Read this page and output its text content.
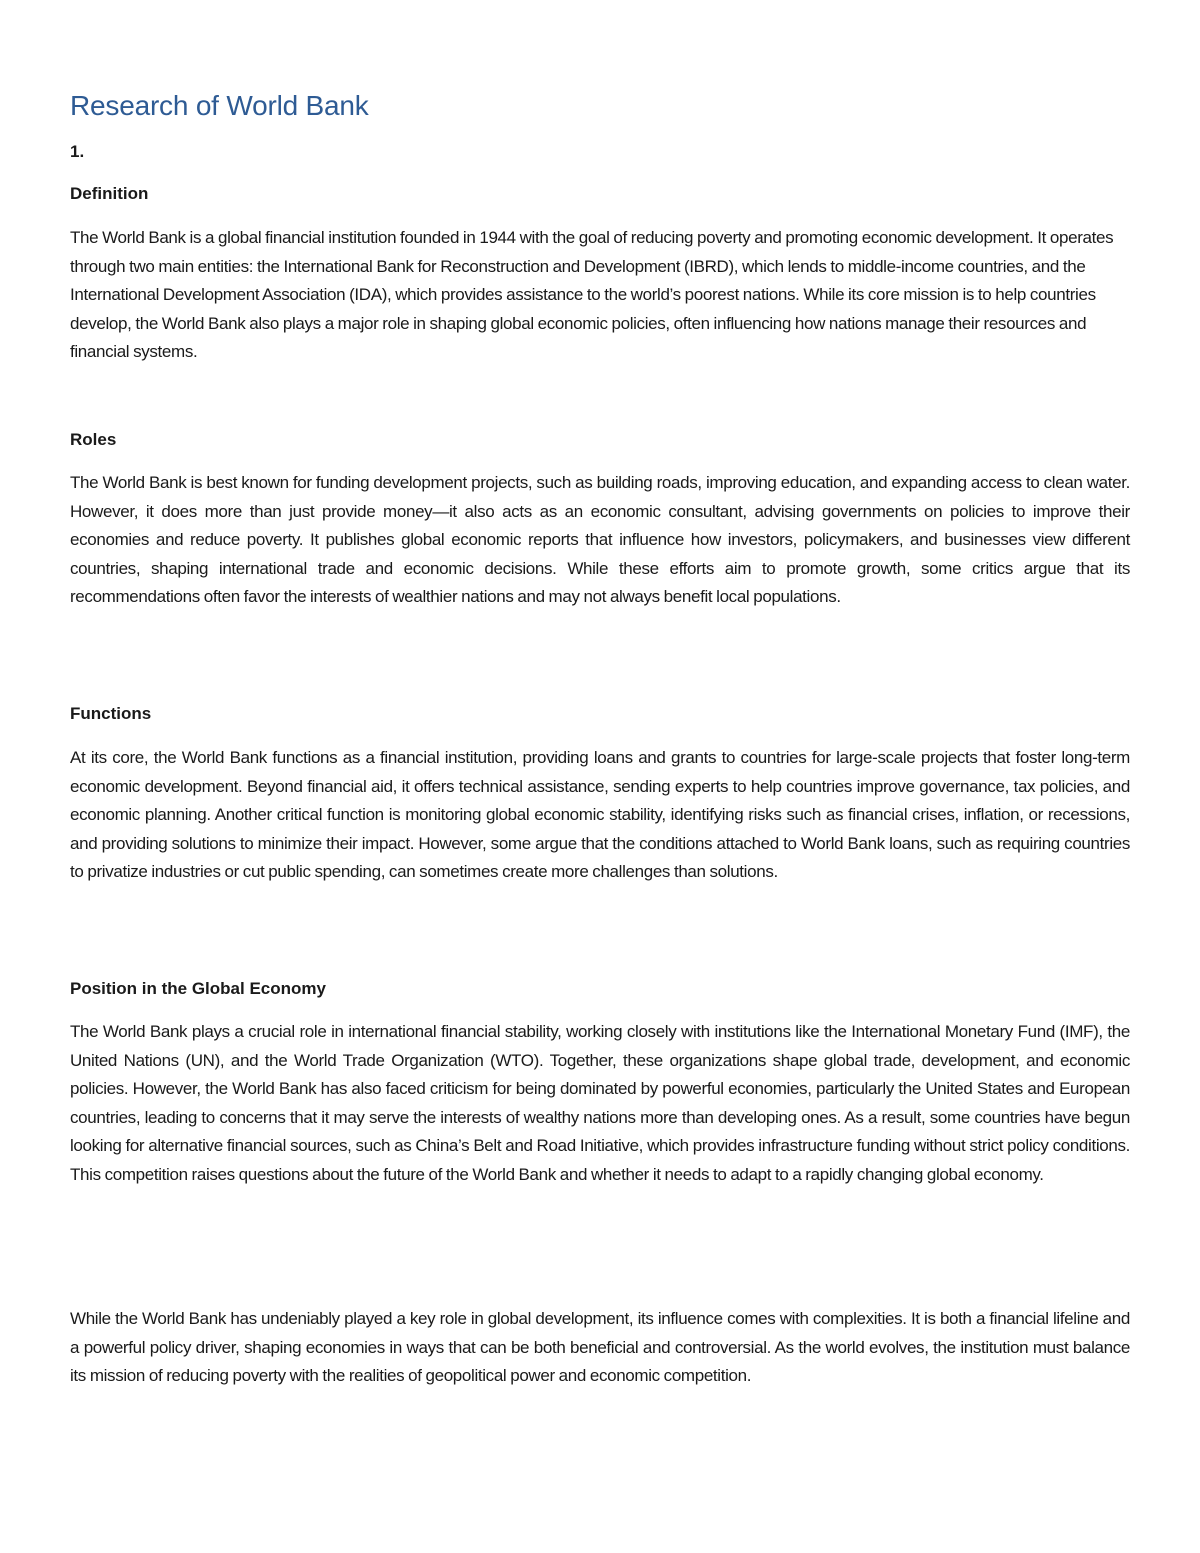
Research of World Bank

1.

Definition

The World Bank is a global financial institution founded in 1944 with the goal of reducing poverty and promoting economic development. It operates through two main entities: the International Bank for Reconstruction and Development (IBRD), which lends to middle-income countries, and the International Development Association (IDA), which provides assistance to the world’s poorest nations. While its core mission is to help countries develop, the World Bank also plays a major role in shaping global economic policies, often influencing how nations manage their resources and financial systems.

Roles

The World Bank is best known for funding development projects, such as building roads, improving education, and expanding access to clean water. However, it does more than just provide money—it also acts as an economic consultant, advising governments on policies to improve their economies and reduce poverty. It publishes global economic reports that influence how investors, policymakers, and businesses view different countries, shaping international trade and economic decisions. While these efforts aim to promote growth, some critics argue that its recommendations often favor the interests of wealthier nations and may not always benefit local populations.

Functions

At its core, the World Bank functions as a financial institution, providing loans and grants to countries for large-scale projects that foster long-term economic development. Beyond financial aid, it offers technical assistance, sending experts to help countries improve governance, tax policies, and economic planning. Another critical function is monitoring global economic stability, identifying risks such as financial crises, inflation, or recessions, and providing solutions to minimize their impact. However, some argue that the conditions attached to World Bank loans, such as requiring countries to privatize industries or cut public spending, can sometimes create more challenges than solutions.

Position in the Global Economy

The World Bank plays a crucial role in international financial stability, working closely with institutions like the International Monetary Fund (IMF), the United Nations (UN), and the World Trade Organization (WTO). Together, these organizations shape global trade, development, and economic policies. However, the World Bank has also faced criticism for being dominated by powerful economies, particularly the United States and European countries, leading to concerns that it may serve the interests of wealthy nations more than developing ones. As a result, some countries have begun looking for alternative financial sources, such as China’s Belt and Road Initiative, which provides infrastructure funding without strict policy conditions. This competition raises questions about the future of the World Bank and whether it needs to adapt to a rapidly changing global economy.

While the World Bank has undeniably played a key role in global development, its influence comes with complexities. It is both a financial lifeline and a powerful policy driver, shaping economies in ways that can be both beneficial and controversial. As the world evolves, the institution must balance its mission of reducing poverty with the realities of geopolitical power and economic competition.
